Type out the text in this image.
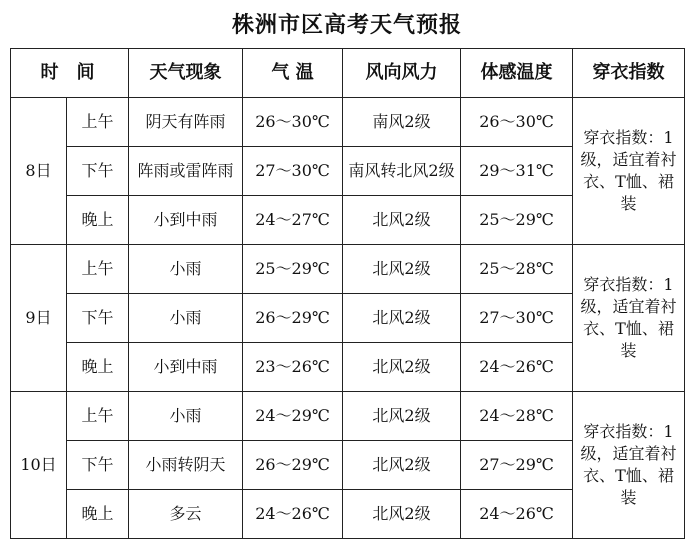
株洲市区高考天气预报
时间		天气现象	气 温	风向风力	体感温度	穿衣指数
8日	上午	阴天有阵雨	26～30℃	南风2级	26～30℃	穿衣指数：1级，适宜着衬衣、T恤、裙装
	下午	阵雨或雷阵雨	27～30℃	南风转北风2级	29～31℃	
	晚上	小到中雨	24～27℃	北风2级	25～29℃	
9日	上午	小雨	25～29℃	北风2级	25～28℃	穿衣指数：1级，适宜着衬衣、T恤、裙装
	下午	小雨	26～29℃	北风2级	27～30℃	
	晚上	小到中雨	23～26℃	北风2级	24～26℃	
10日	上午	小雨	24～29℃	北风2级	24～28℃	穿衣指数：1级，适宜着衬衣、T恤、裙装
	下午	小雨转阴天	26～29℃	北风2级	27～29℃	
	晚上	多云	24～26℃	北风2级	24～26℃	
